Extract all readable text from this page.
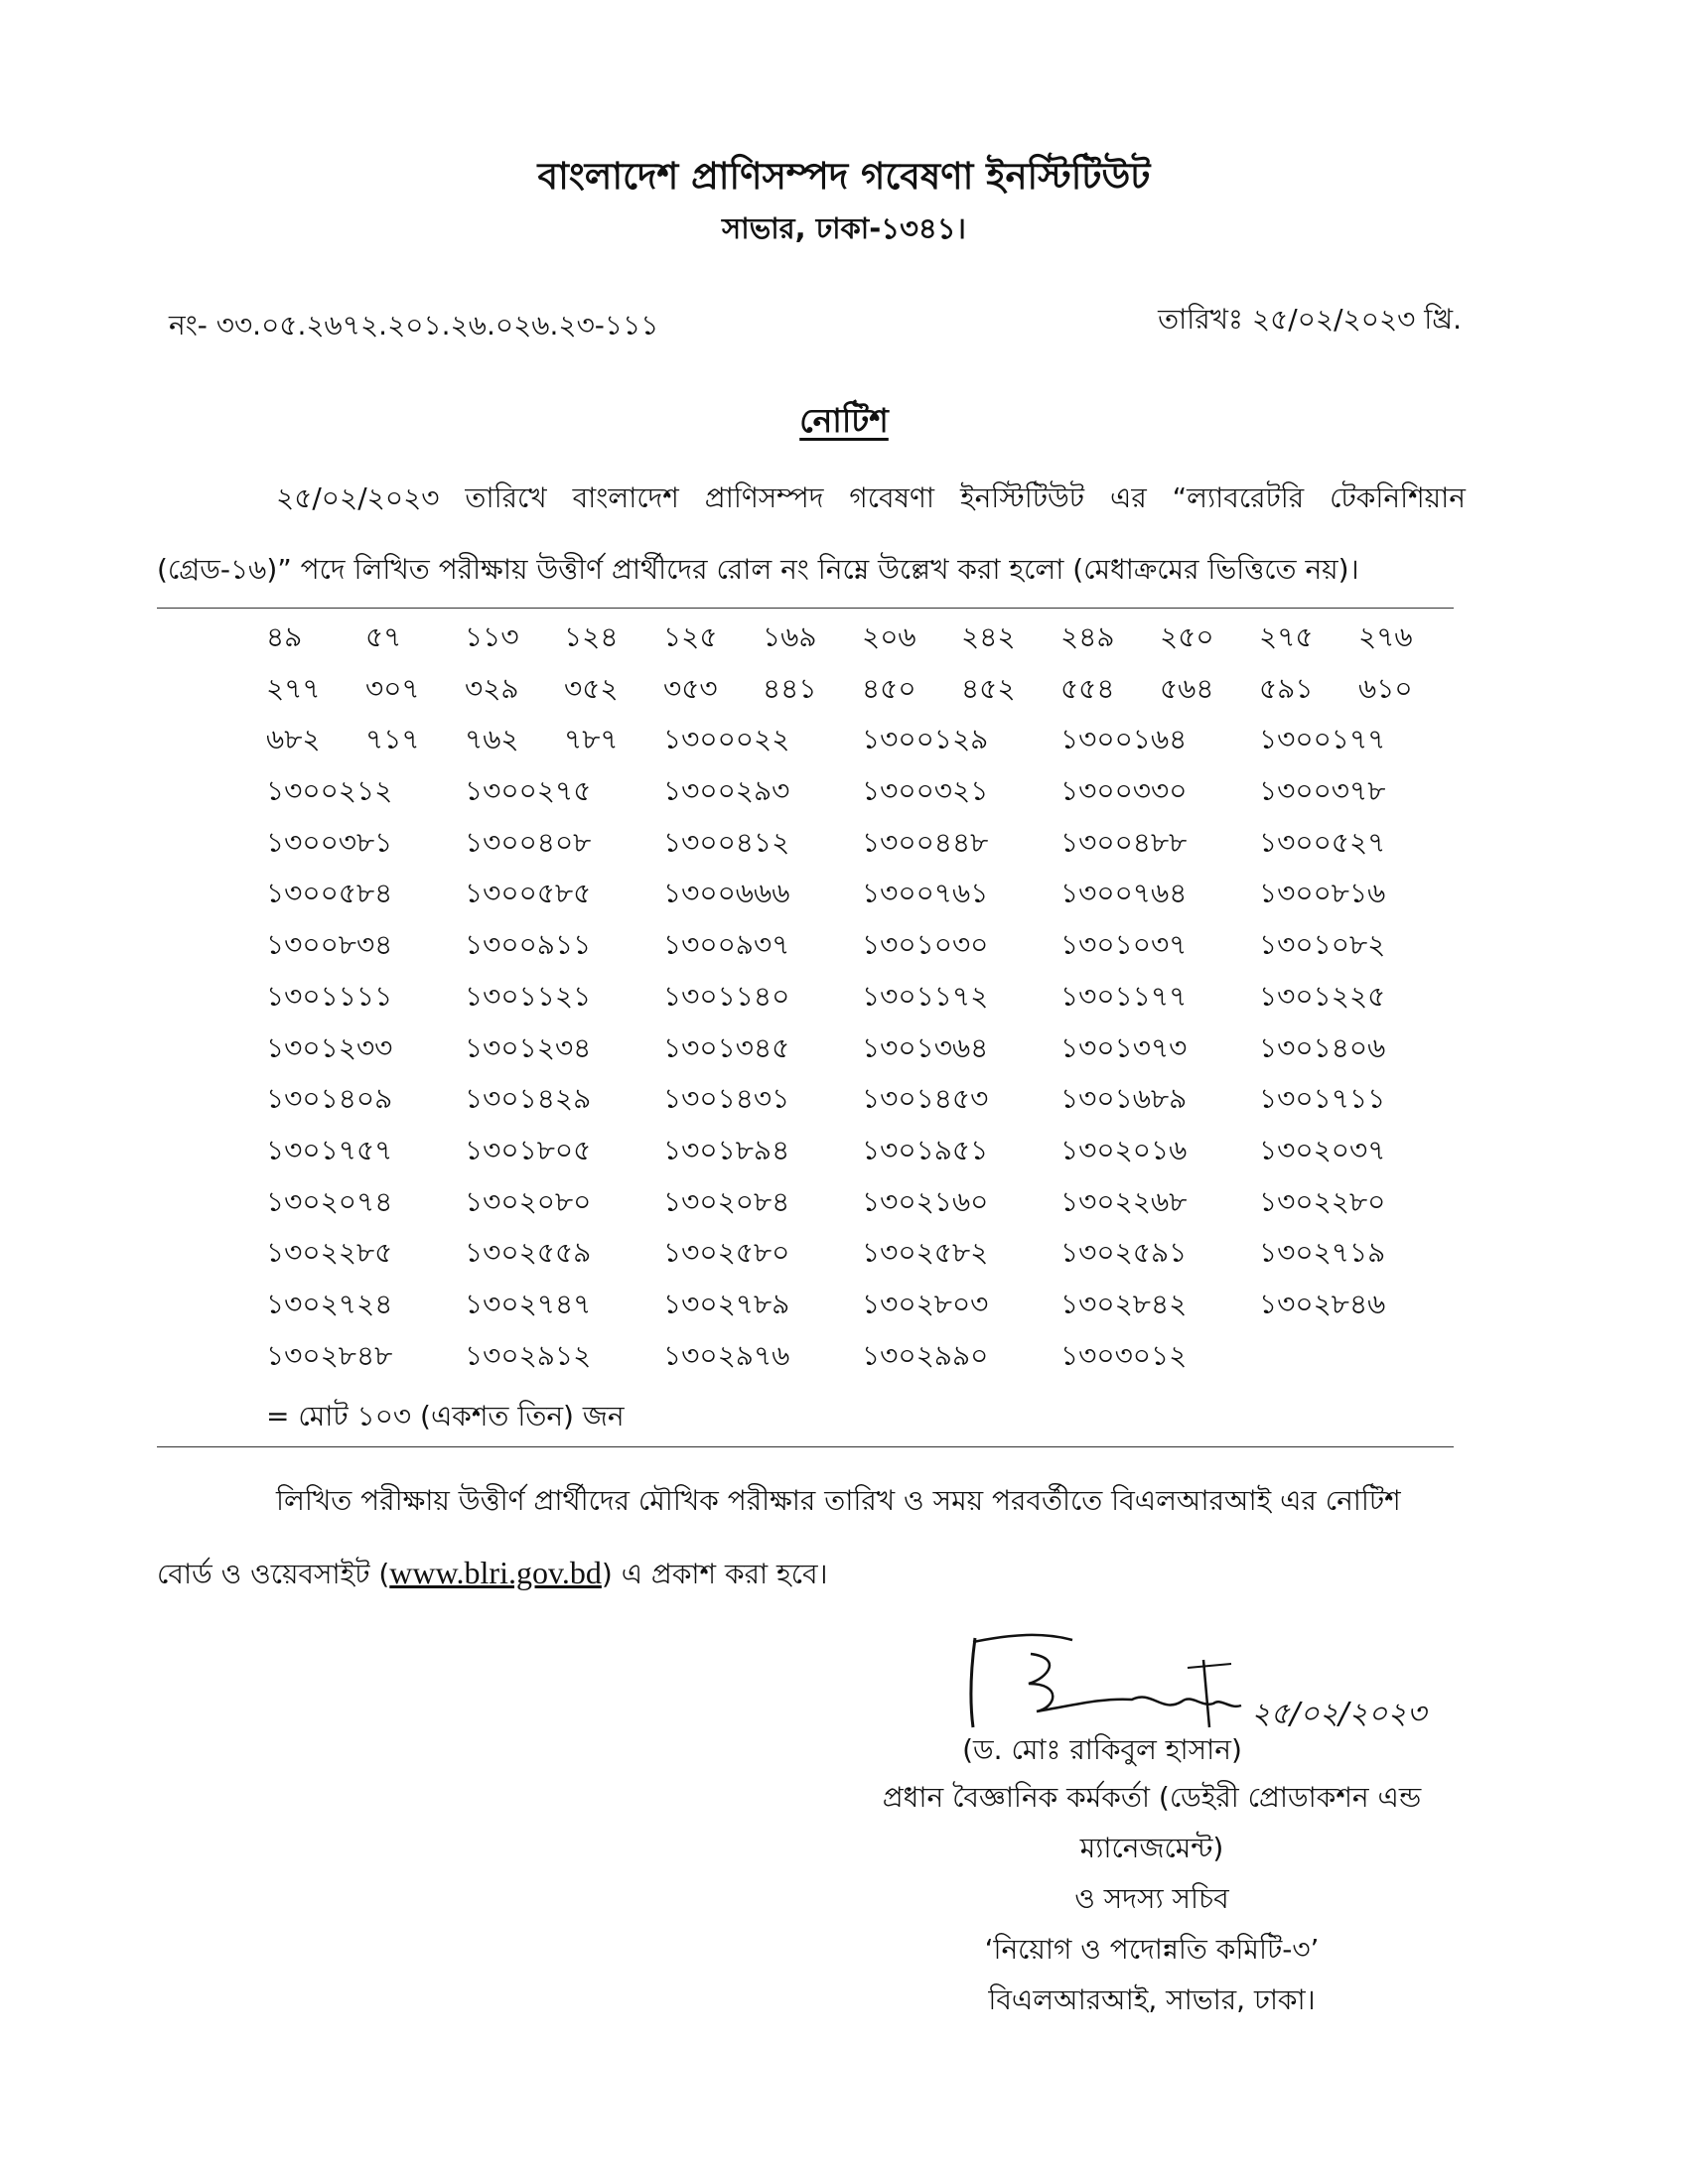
বাংলাদেশ প্রাণিসম্পদ গবেষণা ইনস্টিটিউট
সাভার, ঢাকা-১৩৪১।
নং- ৩৩.০৫.২৬৭২.২০১.২৬.০২৬.২৩-১১১	তারিখঃ ২৫/০২/২০২৩ খ্রি.
নোটিশ
২৫/০২/২০২৩ তারিখে বাংলাদেশ প্রাণিসম্পদ গবেষণা ইনস্টিটিউট এর “ল্যাবরেটরি টেকনিশিয়ান (গ্রেড-১৬)” পদে লিখিত পরীক্ষায় উত্তীর্ণ প্রার্থীদের রোল নং নিম্নে উল্লেখ করা হলো (মেধাক্রমের ভিত্তিতে নয়)।
৪৯ ৫৭ ১১৩ ১২৪ ১২৫ ১৬৯ ২০৬ ২৪২ ২৪৯ ২৫০ ২৭৫ ২৭৬
২৭৭ ৩০৭ ৩২৯ ৩৫২ ৩৫৩ ৪৪১ ৪৫০ ৪৫২ ৫৫৪ ৫৬৪ ৫৯১ ৬১০
৬৮২ ৭১৭ ৭৬২ ৭৮৭ ১৩০০০২২	১৩০০১২৯	১৩০০১৬৪	১৩০০১৭৭
১৩০০২১২	১৩০০২৭৫	১৩০০২৯৩	১৩০০৩২১	১৩০০৩৩০	১৩০০৩৭৮
১৩০০৩৮১	১৩০০৪০৮	১৩০০৪১২	১৩০০৪৪৮	১৩০০৪৮৮	১৩০০৫২৭
১৩০০৫৮৪	১৩০০৫৮৫	১৩০০৬৬৬	১৩০০৭৬১	১৩০০৭৬৪	১৩০০৮১৬
১৩০০৮৩৪	১৩০০৯১১	১৩০০৯৩৭	১৩০১০৩০	১৩০১০৩৭	১৩০১০৮২
১৩০১১১১	১৩০১১২১	১৩০১১৪০	১৩০১১৭২	১৩০১১৭৭	১৩০১২২৫
১৩০১২৩৩	১৩০১২৩৪	১৩০১৩৪৫	১৩০১৩৬৪	১৩০১৩৭৩	১৩০১৪০৬
১৩০১৪০৯	১৩০১৪২৯	১৩০১৪৩১	১৩০১৪৫৩	১৩০১৬৮৯	১৩০১৭১১
১৩০১৭৫৭	১৩০১৮০৫	১৩০১৮৯৪	১৩০১৯৫১	১৩০২০১৬	১৩০২০৩৭
১৩০২০৭৪	১৩০২০৮০	১৩০২০৮৪	১৩০২১৬০	১৩০২২৬৮	১৩০২২৮০
১৩০২২৮৫	১৩০২৫৫৯	১৩০২৫৮০	১৩০২৫৮২	১৩০২৫৯১	১৩০২৭১৯
১৩০২৭২৪	১৩০২৭৪৭	১৩০২৭৮৯	১৩০২৮০৩	১৩০২৮৪২	১৩০২৮৪৬
১৩০২৮৪৮	১৩০২৯১২	১৩০২৯৭৬	১৩০২৯৯০	১৩০৩০১২
= মোট ১০৩ (একশত তিন) জন
লিখিত পরীক্ষায় উত্তীর্ণ প্রার্থীদের মৌখিক পরীক্ষার তারিখ ও সময় পরবর্তীতে বিএলআরআই এর নোটিশ
বোর্ড ও ওয়েবসাইট (www.blri.gov.bd) এ প্রকাশ করা হবে।
২৫/০২/২০২৩
(ড. মোঃ রাকিবুল হাসান)
প্রধান বৈজ্ঞানিক কর্মকর্তা (ডেইরী প্রোডাকশন এন্ড
ম্যানেজমেন্ট)
ও সদস্য সচিব
‘নিয়োগ ও পদোন্নতি কমিটি-৩’
বিএলআরআই, সাভার, ঢাকা।
